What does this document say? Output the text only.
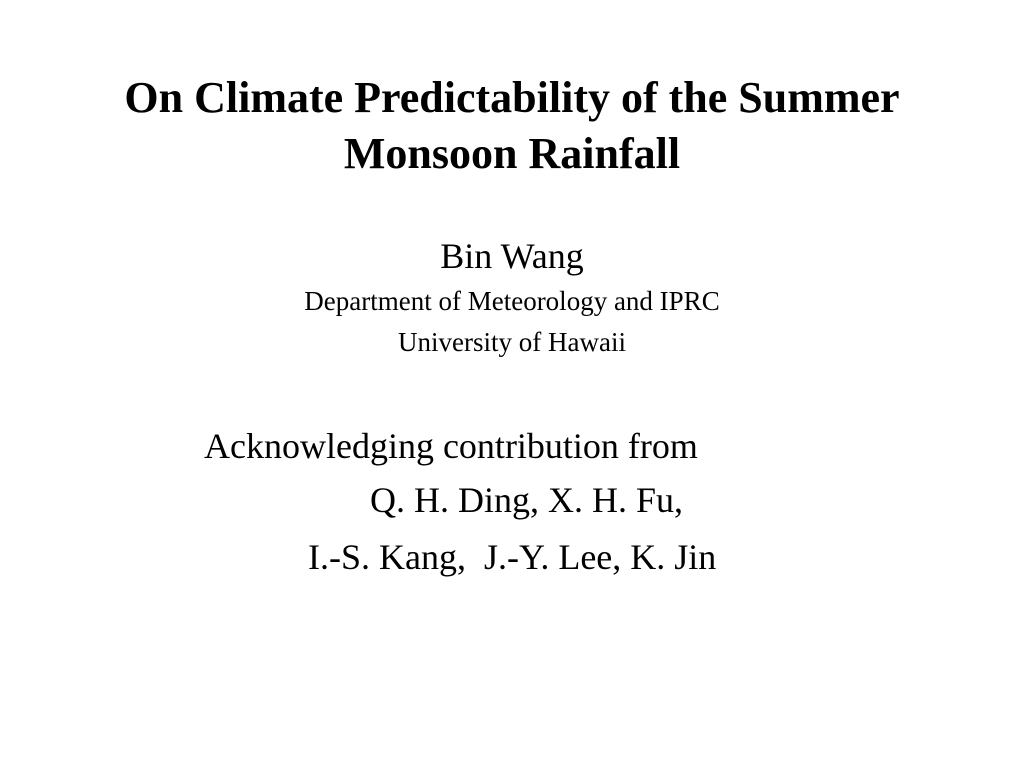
On Climate Predictability of the Summer
Monsoon Rainfall
Bin Wang
Department of Meteorology and IPRC
University of Hawaii
Acknowledging contribution from
Q. H. Ding, X. H. Fu,
I.-S. Kang,  J.-Y. Lee, K. Jin
